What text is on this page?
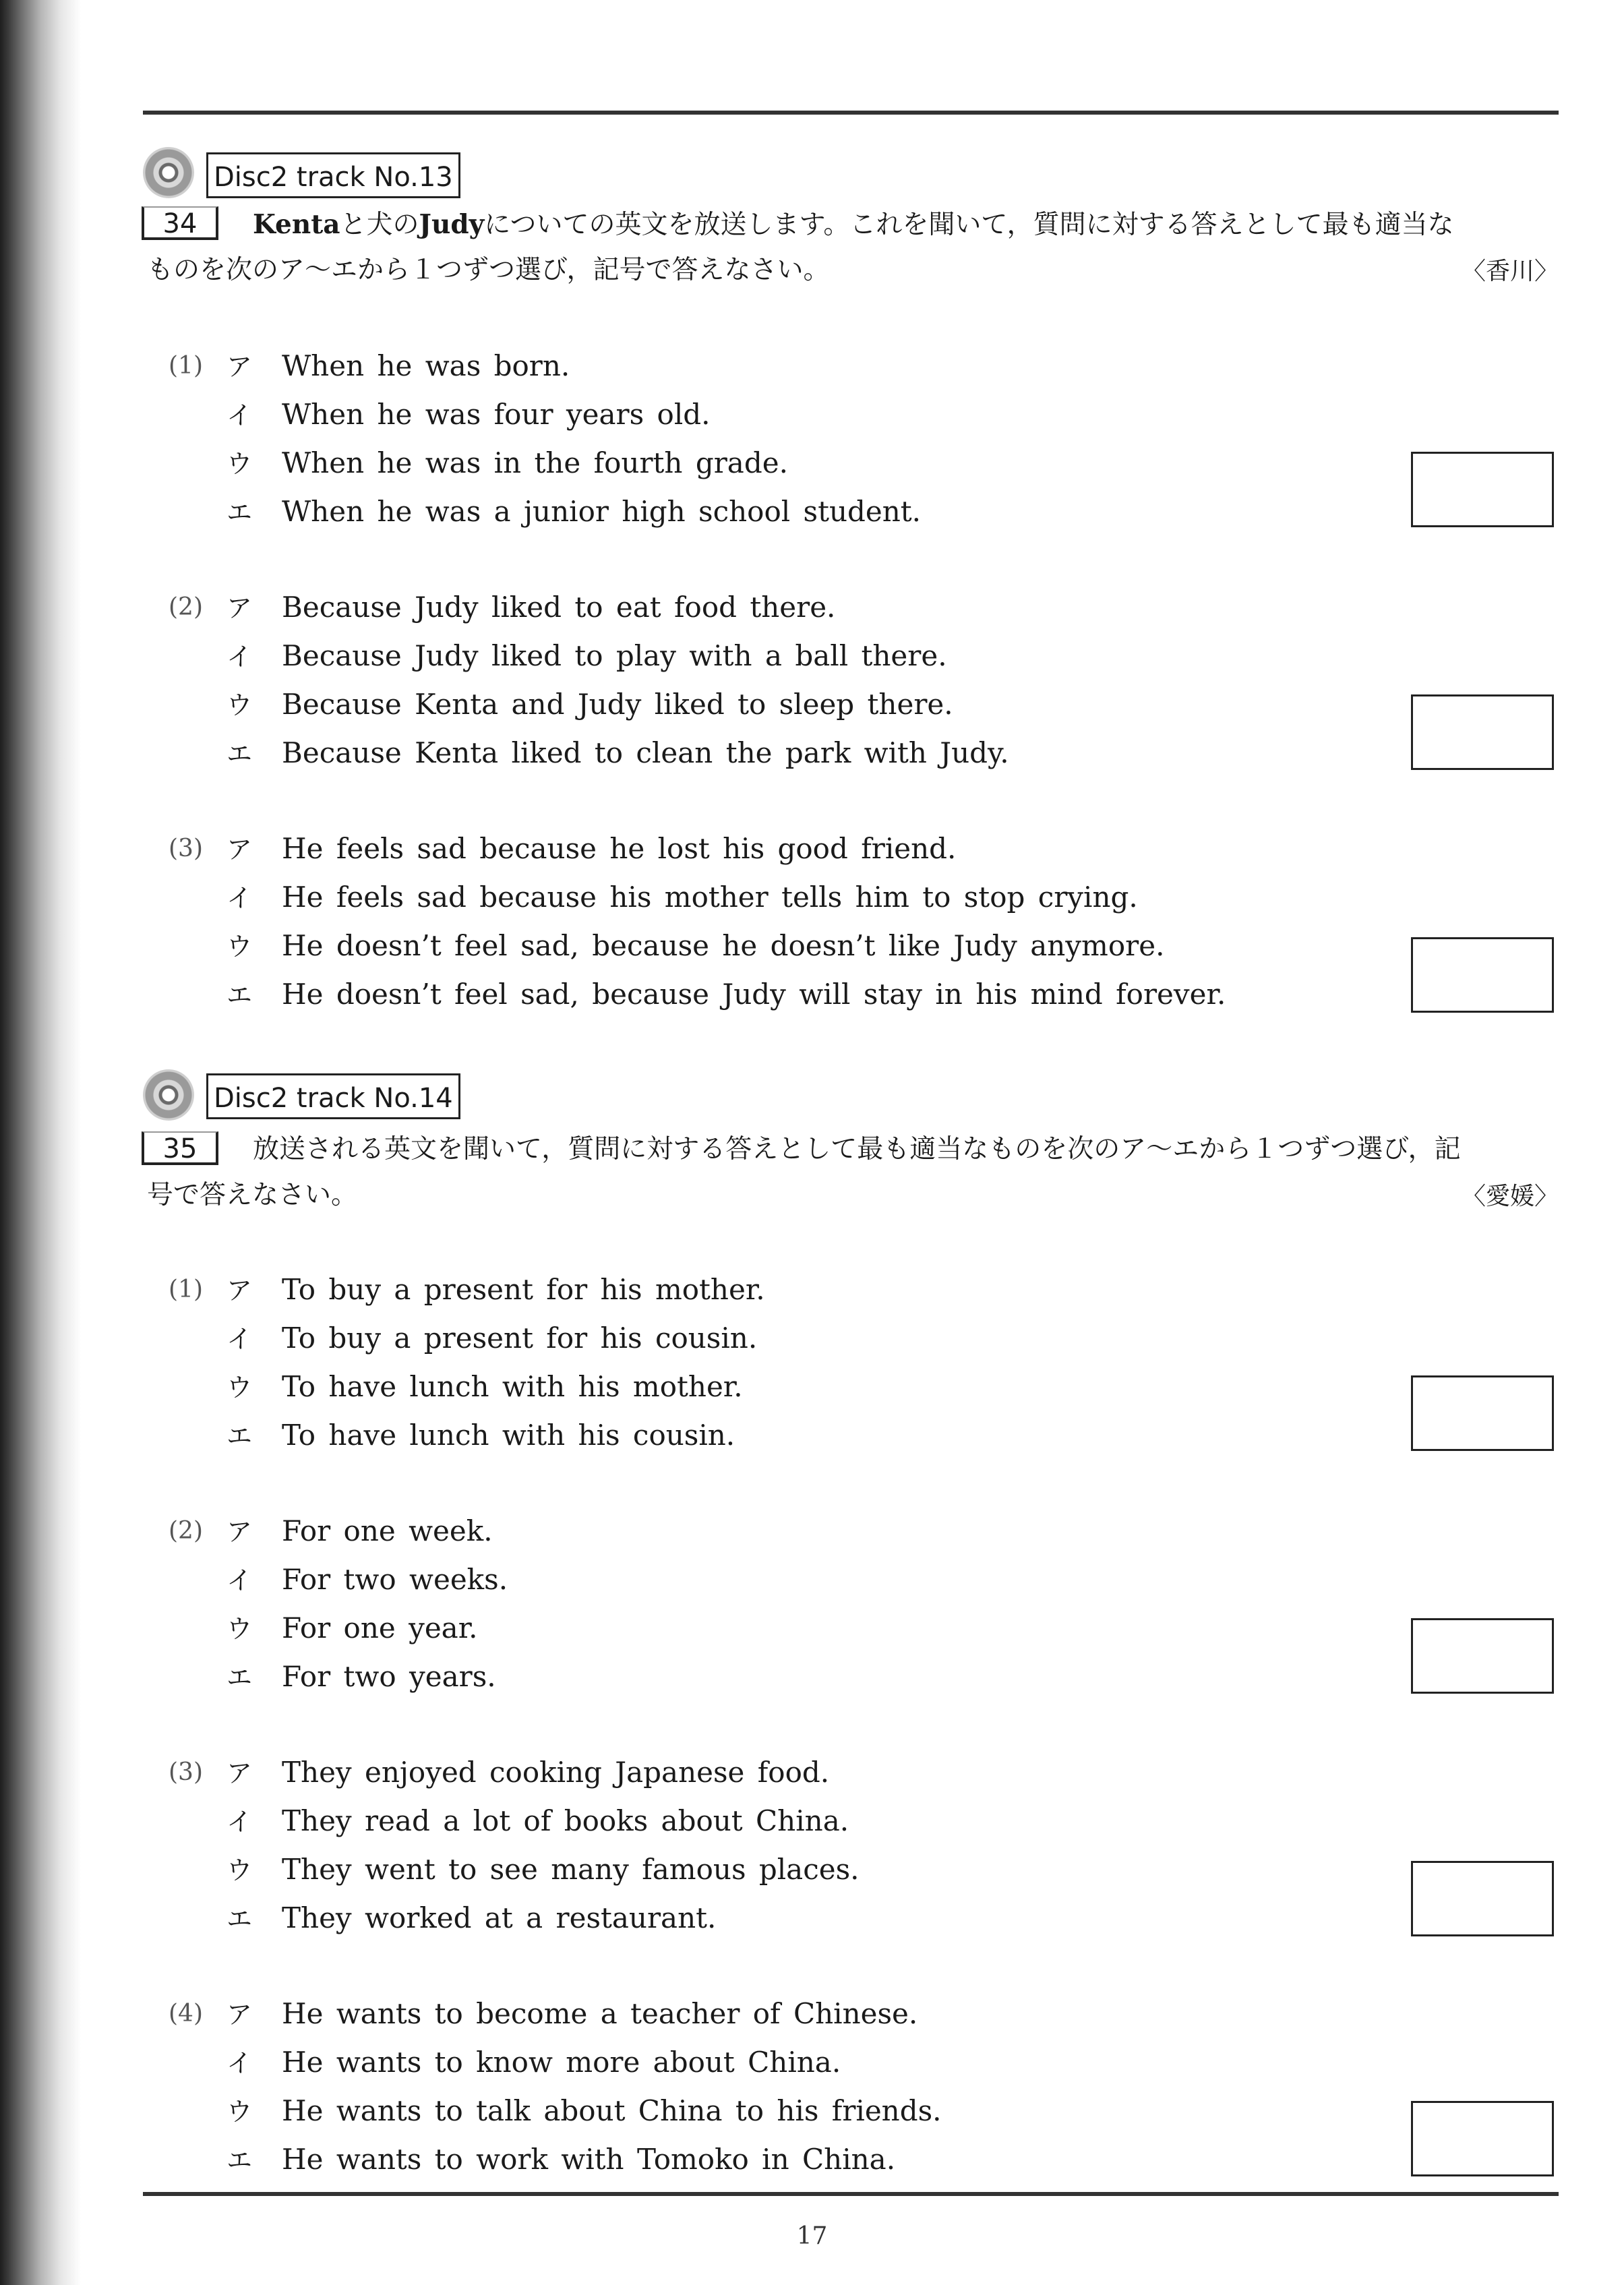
Disc2 track No.13
34	Kentaと犬のJudyについての英文を放送します。これを聞いて，質問に対する答えとして最も適当な
ものを次のア～エから１つずつ選び，記号で答えなさい。	〈香川〉
(1) ア When he was born.
イ When he was four years old.
ウ When he was in the fourth grade.
エ When he was a junior high school student.
(2) ア Because Judy liked to eat food there.
イ Because Judy liked to play with a ball there.
ウ Because Kenta and Judy liked to sleep there.
エ Because Kenta liked to clean the park with Judy.
(3) ア He feels sad because he lost his good friend.
イ He feels sad because his mother tells him to stop crying.
ウ He doesn’t feel sad, because he doesn’t like Judy anymore.
エ He doesn’t feel sad, because Judy will stay in his mind forever.
Disc2 track No.14
35	放送される英文を聞いて，質問に対する答えとして最も適当なものを次のア～エから１つずつ選び，記
号で答えなさい。	〈愛媛〉
(1) ア To buy a present for his mother.
イ To buy a present for his cousin.
ウ To have lunch with his mother.
エ To have lunch with his cousin.
(2) ア For one week.
イ For two weeks.
ウ For one year.
エ For two years.
(3) ア They enjoyed cooking Japanese food.
イ They read a lot of books about China.
ウ They went to see many famous places.
エ They worked at a restaurant.
(4) ア He wants to become a teacher of Chinese.
イ He wants to know more about China.
ウ He wants to talk about China to his friends.
エ He wants to work with Tomoko in China.
17
